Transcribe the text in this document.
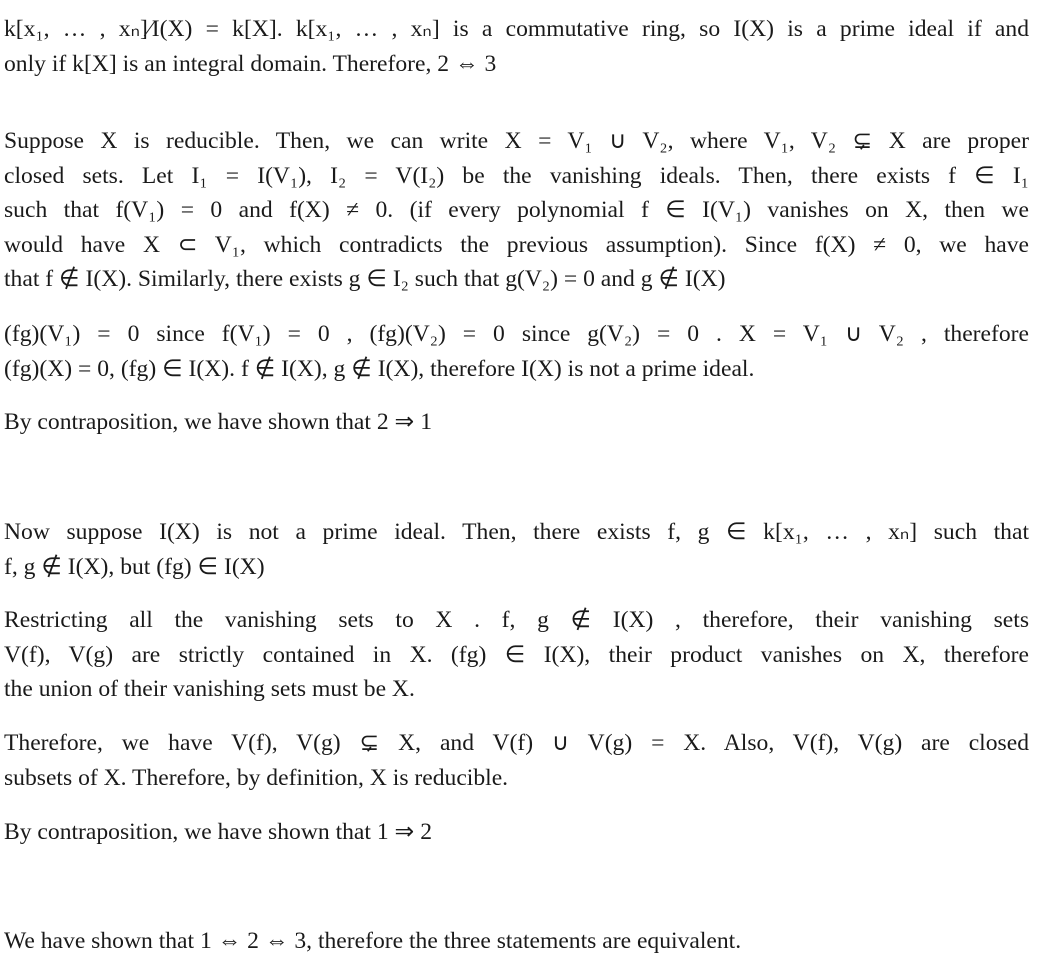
k[x₁, … , xₙ]∕I(X) = k[X]. k[x₁, … , xₙ] is a commutative ring, so I(X) is a prime ideal if and
only if k[X] is an integral domain. Therefore, 2 ⇔ 3
Suppose X is reducible. Then, we can write X = V₁ ∪ V₂, where V₁, V₂ ⊊ X are proper
closed sets. Let I₁ = I(V₁), I₂ = V(I₂) be the vanishing ideals. Then, there exists f ∈ I₁
such that f(V₁) = 0 and f(X) ≠ 0. (if every polynomial f ∈ I(V₁) vanishes on X, then we
would have X ⊂ V₁, which contradicts the previous assumption). Since f(X) ≠ 0, we have
that f ∉ I(X). Similarly, there exists g ∈ I₂ such that g(V₂) = 0 and g ∉ I(X)
(fg)(V₁) = 0 since f(V₁) = 0 , (fg)(V₂) = 0 since g(V₂) = 0 . X = V₁ ∪ V₂ , therefore
(fg)(X) = 0, (fg) ∈ I(X). f ∉ I(X), g ∉ I(X), therefore I(X) is not a prime ideal.
By contraposition, we have shown that 2 ⇒ 1
Now suppose I(X) is not a prime ideal. Then, there exists f, g ∈ k[x₁, … , xₙ] such that
f, g ∉ I(X), but (fg) ∈ I(X)
Restricting all the vanishing sets to X . f, g ∉ I(X) , therefore, their vanishing sets
V(f), V(g) are strictly contained in X. (fg) ∈ I(X), their product vanishes on X, therefore
the union of their vanishing sets must be X.
Therefore, we have V(f), V(g) ⊊ X, and V(f) ∪ V(g) = X. Also, V(f), V(g) are closed
subsets of X. Therefore, by definition, X is reducible.
By contraposition, we have shown that 1 ⇒ 2
We have shown that 1 ⇔ 2 ⇔ 3, therefore the three statements are equivalent.
